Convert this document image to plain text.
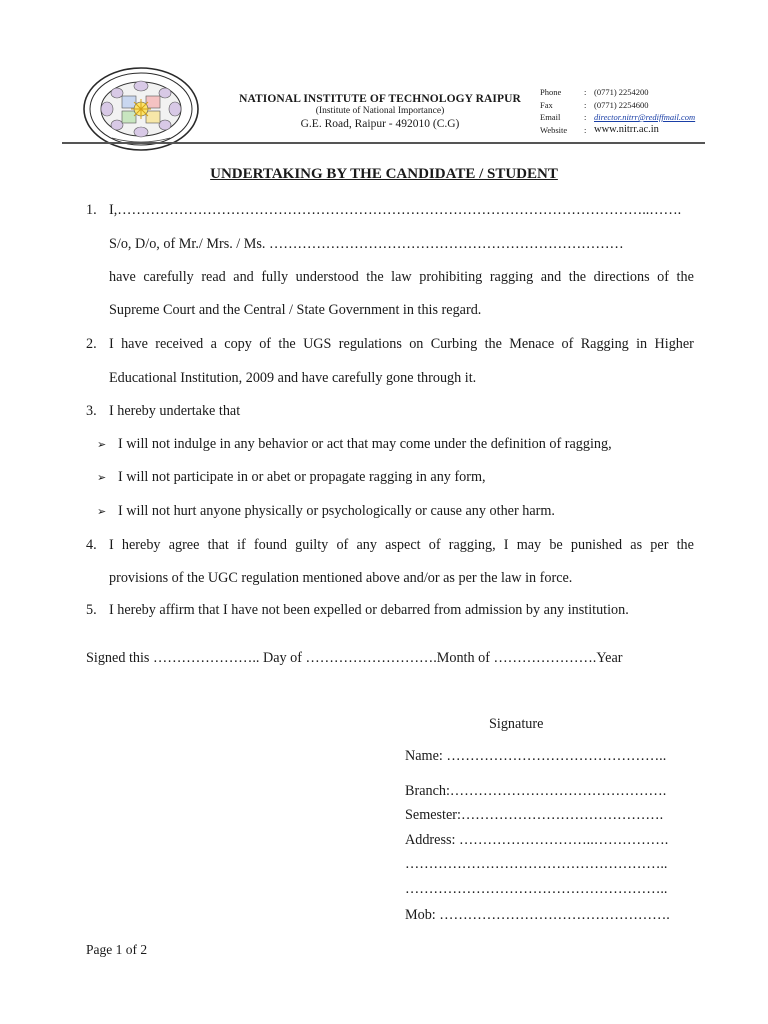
NATIONAL INSTITUTE OF TECHNOLOGY RAIPUR
(Institute of National Importance)
G.E. Road, Raipur - 492010 (C.G)
Phone	: (0771) 2254200
Fax	: (0771) 2254600
Email	: director.nitrr@rediffmail.com
Website	: www.nitrr.ac.in
UNDERTAKING BY THE CANDIDATE / STUDENT
1. I,…………………………………………………………………………………………………..…….
S/o, D/o, of Mr./ Mrs. / Ms. …………………………………………………………………
have carefully read and fully understood the law prohibiting ragging and the directions of the
Supreme Court and the Central / State Government in this regard.
2. I have received a copy of the UGS regulations on Curbing the Menace of Ragging in Higher
Educational Institution, 2009 and have carefully gone through it.
3. I hereby undertake that
➢ I will not indulge in any behavior or act that may come under the definition of ragging,
➢ I will not participate in or abet or propagate ragging in any form,
➢ I will not hurt anyone physically or psychologically or cause any other harm.
4. I hereby agree that if found guilty of any aspect of ragging, I may be punished as per the
provisions of the UGC regulation mentioned above and/or as per the law in force.
5. I hereby affirm that I have not been expelled or debarred from admission by any institution.
Signed this ………………….. Day of ……………………….Month of ………………….Year
Signature
Name: ………………………………………..
Branch:……………………………………….
Semester:…………………………………….
Address: ………………………..…………….
………………………………………………..
………………………………………………..
Mob: ………………………………………….
Page 1 of 2
